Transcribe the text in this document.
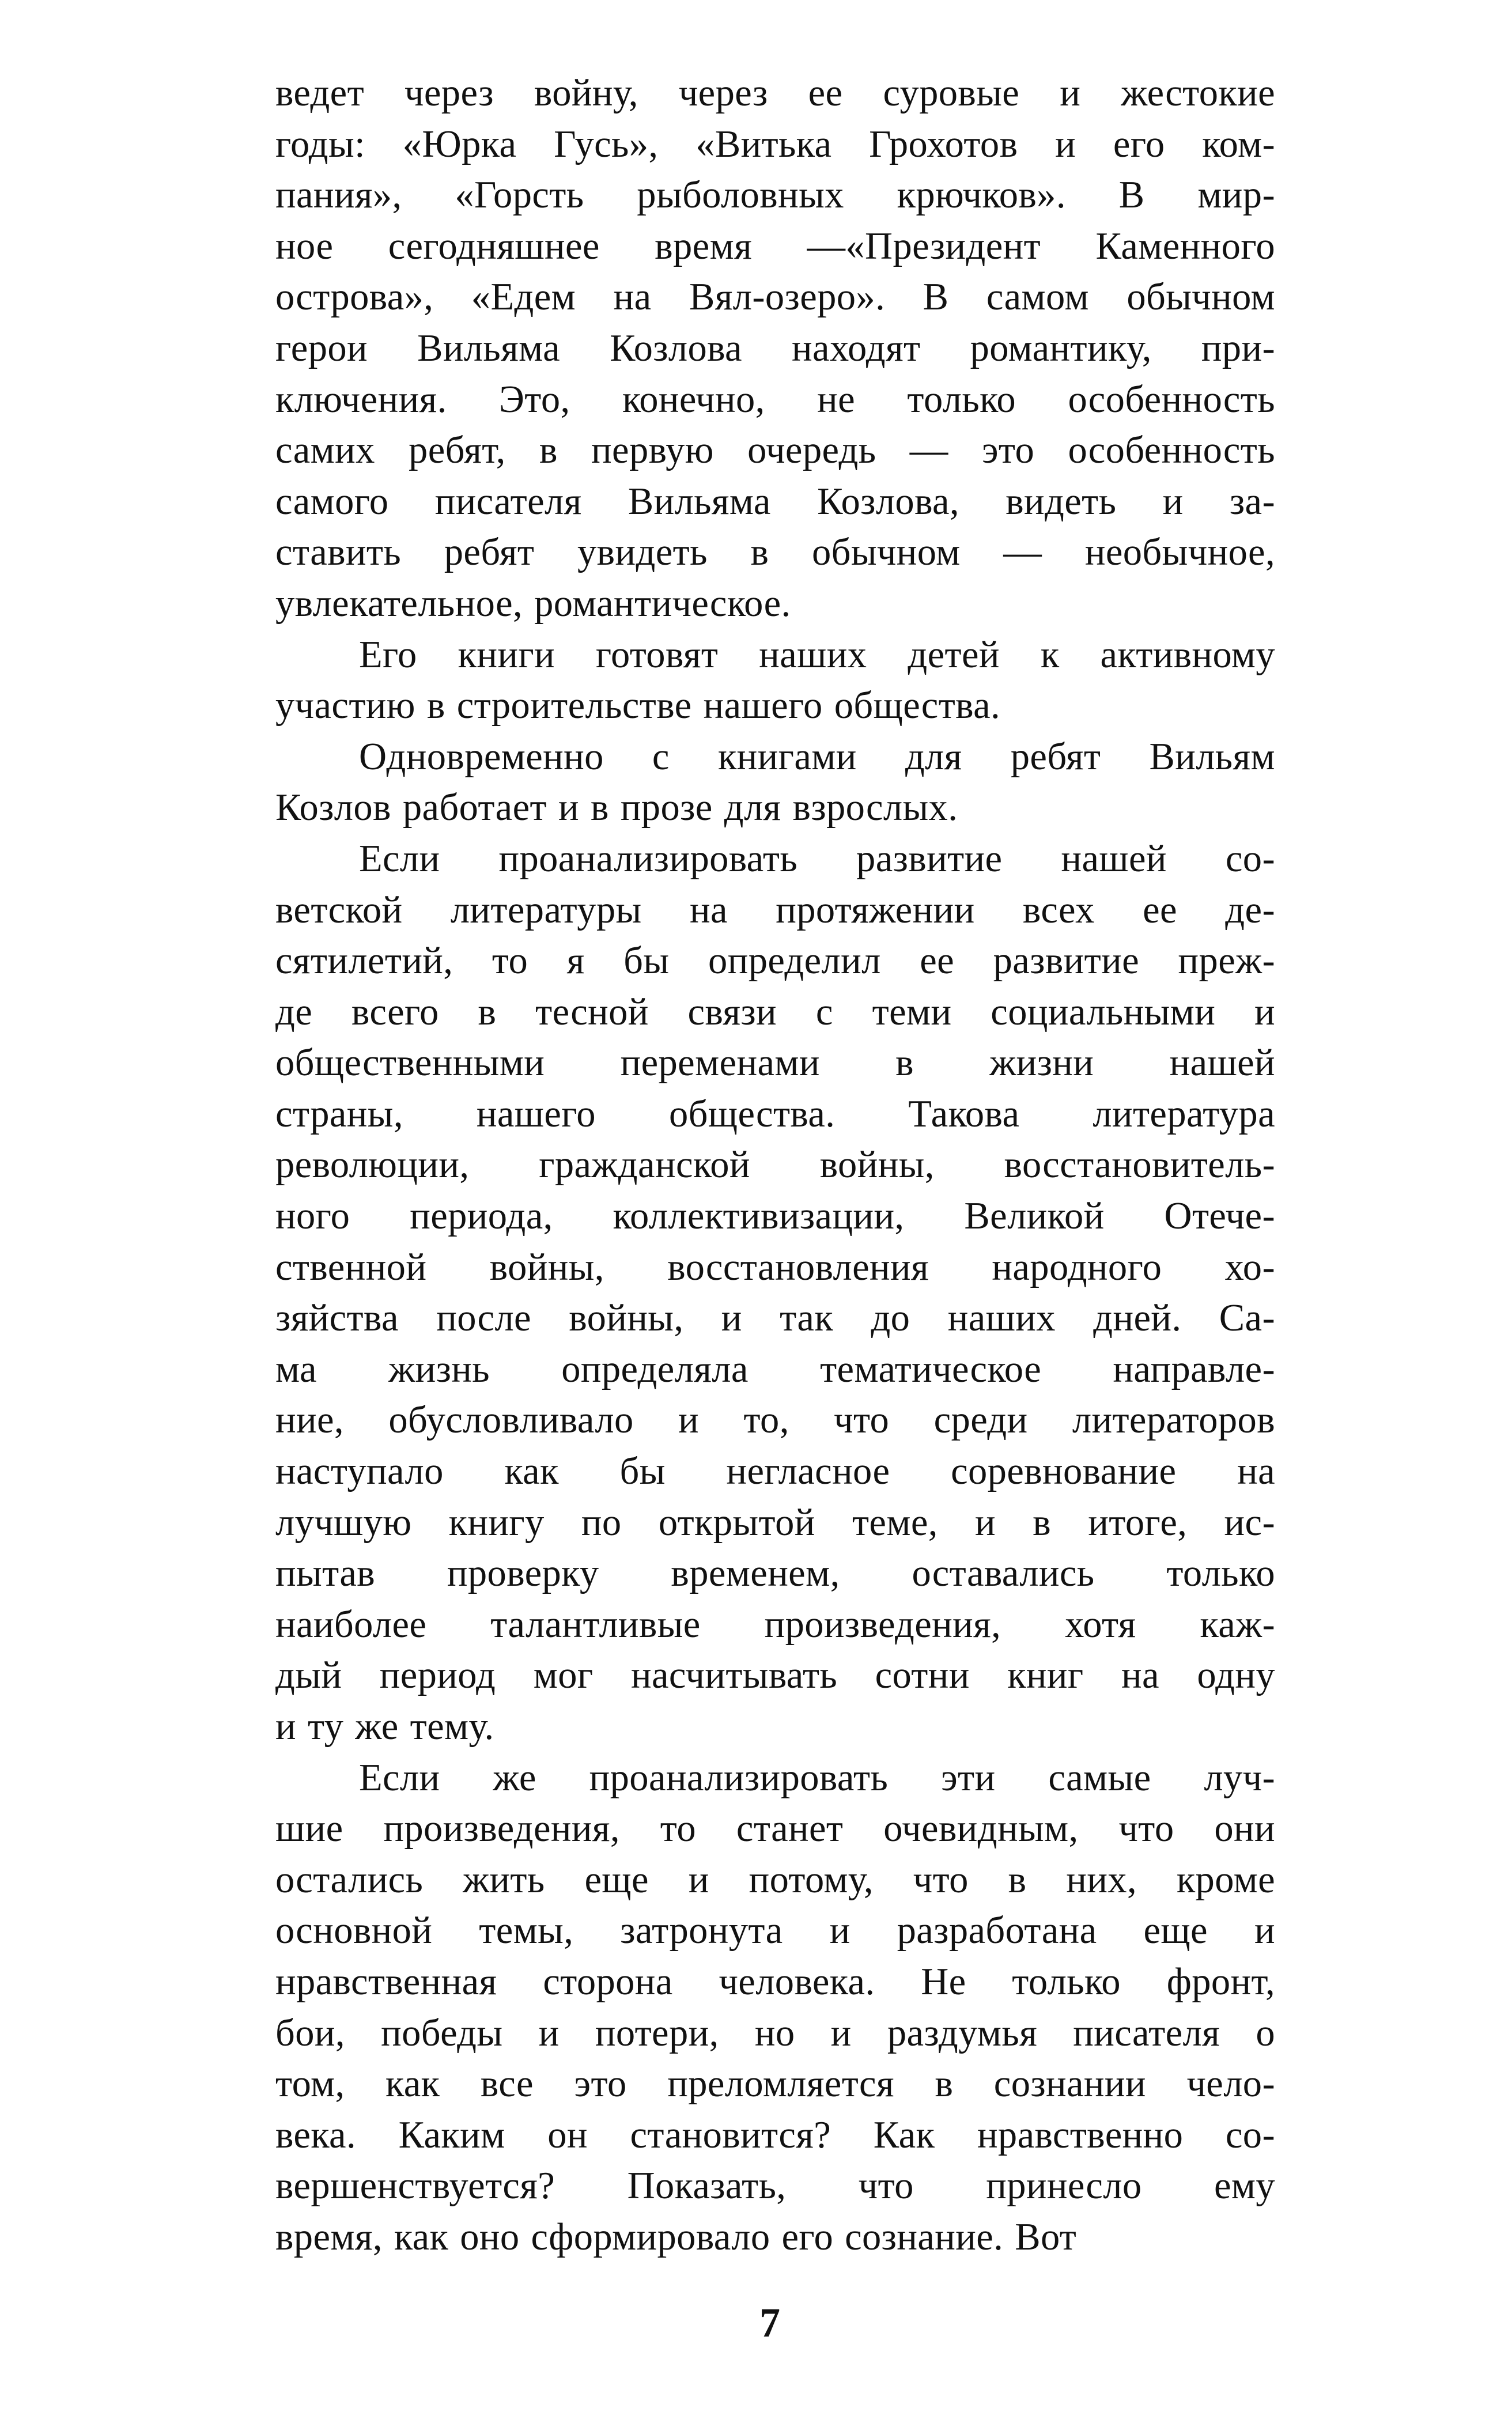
ведет через войну, через ее суровые и жестокие
годы: «Юрка Гусь», «Витька Грохотов и его ком-
пания», «Горсть рыболовных крючков». В мир-
ное сегодняшнее время —«Президент Каменного
острова», «Едем на Вял-озеро». В самом обычном
герои Вильяма Козлова находят романтику, при-
ключения. Это, конечно, не только особенность
самих ребят, в первую очередь — это особенность
самого писателя Вильяма Козлова, видеть и за-
ставить ребят увидеть в обычном — необычное,
увлекательное, романтическое.
Его книги готовят наших детей к активному
участию в строительстве нашего общества.
Одновременно с книгами для ребят Вильям
Козлов работает и в прозе для взрослых.
Если проанализировать развитие нашей со-
ветской литературы на протяжении всех ее де-
сятилетий, то я бы определил ее развитие преж-
де всего в тесной связи с теми социальными и
общественными переменами в жизни нашей
страны, нашего общества. Такова литература
революции, гражданской войны, восстановитель-
ного периода, коллективизации, Великой Отече-
ственной войны, восстановления народного хо-
зяйства после войны, и так до наших дней. Са-
ма жизнь определяла тематическое направле-
ние, обусловливало и то, что среди литераторов
наступало как бы негласное соревнование на
лучшую книгу по открытой теме, и в итоге, ис-
пытав проверку временем, оставались только
наиболее талантливые произведения, хотя каж-
дый период мог насчитывать сотни книг на одну
и ту же тему.
Если же проанализировать эти самые луч-
шие произведения, то станет очевидным, что они
остались жить еще и потому, что в них, кроме
основной темы, затронута и разработана еще и
нравственная сторона человека. Не только фронт,
бои, победы и потери, но и раздумья писателя о
том, как все это преломляется в сознании чело-
века. Каким он становится? Как нравственно со-
вершенствуется? Показать, что принесло ему
время, как оно сформировало его сознание. Вот
7
